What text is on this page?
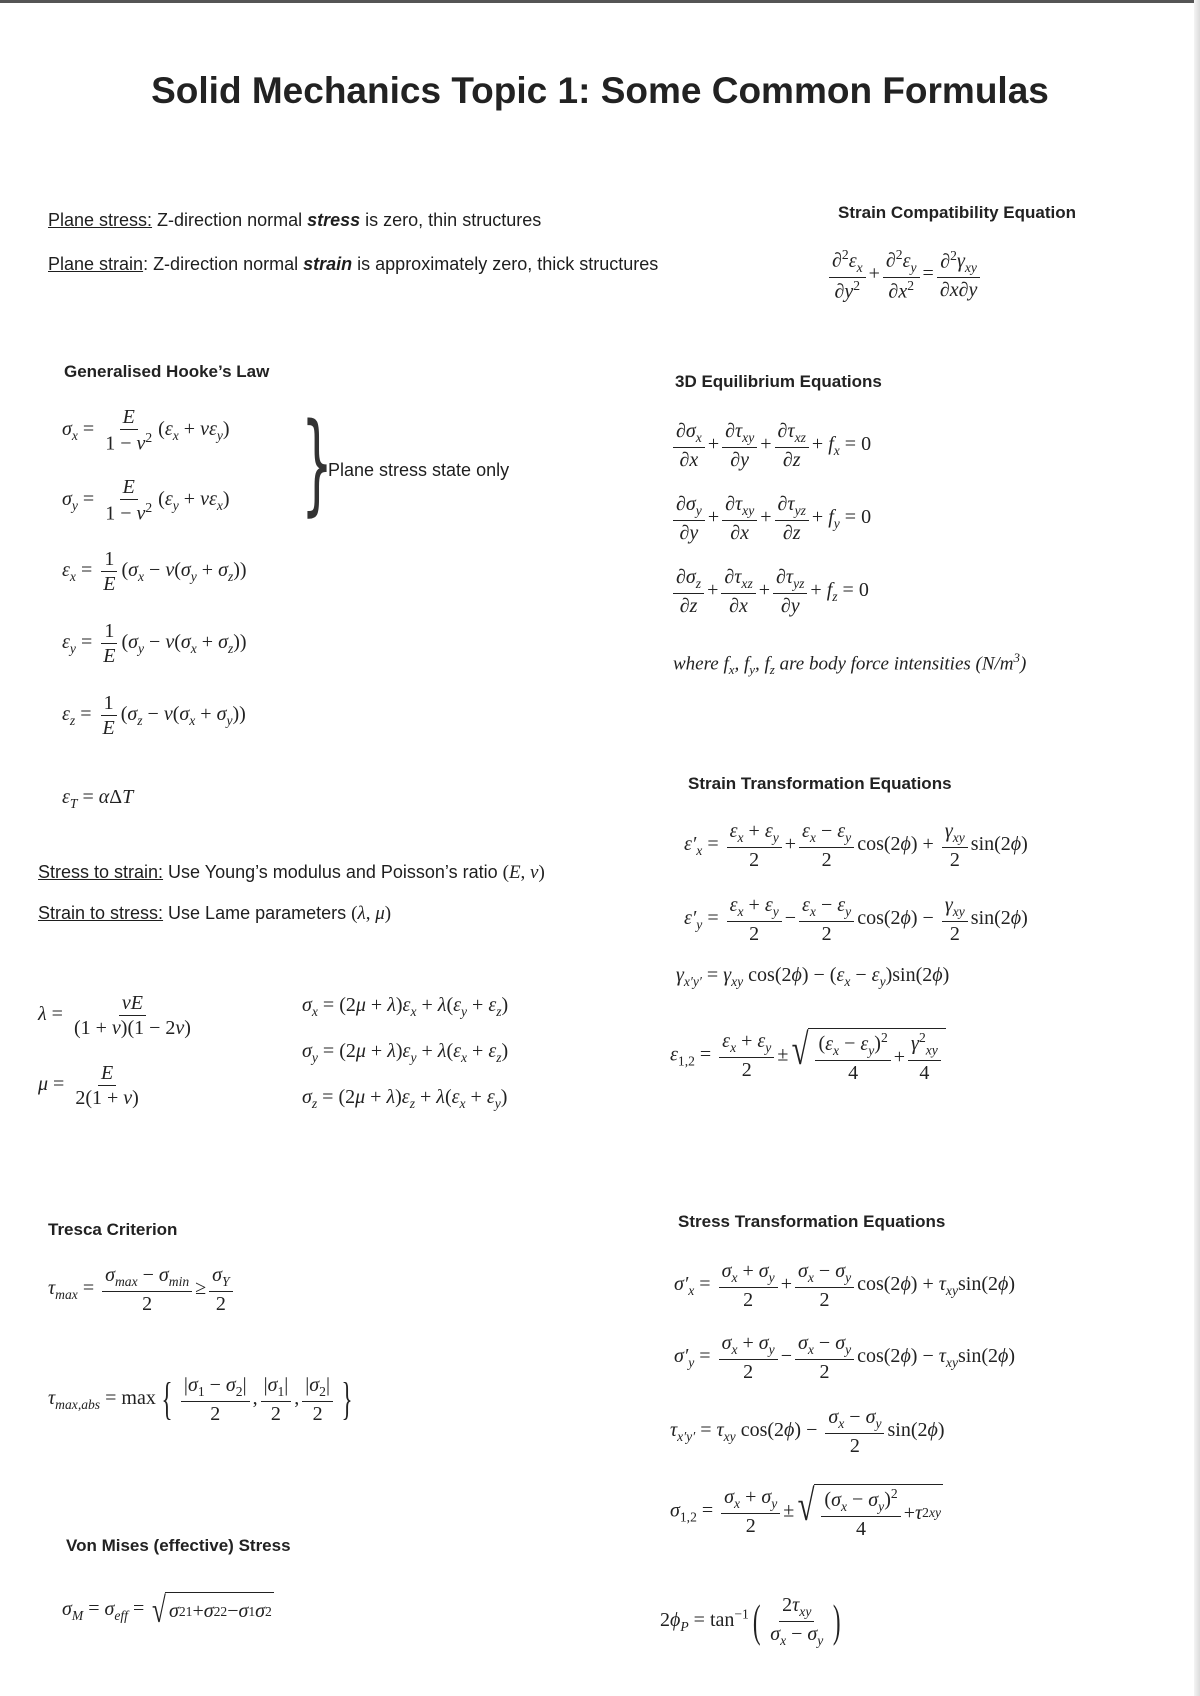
Solid Mechanics Topic 1: Some Common Formulas
Plane stress: Z-direction normal stress is zero, thin structures
Plane strain: Z-direction normal strain is approximately zero, thick structures
Strain Compatibility Equation
$\frac{\partial^2\varepsilon_x}{\partial y^2} + \frac{\partial^2\varepsilon_y}{\partial x^2}$ =
$\partial^2\gamma_{xy}$
∂x∂y
Generalised Hooke’s Law
$\sigma_x = \frac{E}{1 - \nu^2} (\varepsilon_x + \nu\varepsilon_y)$
$\sigma_y = \frac{E}{1 - \nu^2} (\varepsilon_y + \nu\varepsilon_x)$ }
Plane stress state only
$\varepsilon_x = \frac{1}{E} (\sigma_x - \nu(\sigma_y + \sigma_z))$
$\varepsilon_y = \frac{1}{E} (\sigma_y - \nu(\sigma_x + \sigma_z))$
$\varepsilon_z = \frac{1}{E} (\sigma_z - \nu(\sigma_x + \sigma_y))$
$\varepsilon_T = \alpha\Delta T$
Stress to strain: Use Young’s modulus and Poisson’s ratio (E, ν)
Strain to stress: Use Lame parameters (λ, μ)
$\lambda = \frac{\nu E}{(1 + \nu)(1 - 2\nu)}$
$\mu = \frac{E}{2(1 + \nu)}$
$\sigma_x = (2\mu + \lambda)\varepsilon_x + \lambda(\varepsilon_y + \varepsilon_z)$
$\sigma_y = (2\mu + \lambda)\varepsilon_y + \lambda(\varepsilon_x + \varepsilon_z)$
$\sigma_z = (2\mu + \lambda)\varepsilon_z + \lambda(\varepsilon_x + \varepsilon_y)$
3D Equilibrium Equations
$\frac{\partial\sigma_x}{\partial x}$ +
$\partial\tau_{xy}$
∂y
+
$\partial\tau_{xz}$
∂z
+ $f_x = 0$
$\frac{\partial\sigma_y}{\partial y}$ +
$\partial\tau_{xy}$
∂x
+
$\partial\tau_{yz}$
∂z
+ $f_y = 0$
$\frac{\partial\sigma_z}{\partial z}$ +
$\partial\tau_{xz}$
∂x
+
$\partial\tau_{yz}$
∂y
+ $f_z = 0$
where $f_x$, $f_y$, $f_z$ are body force intensities $(N/m^3)$
Strain Transformation Equations
$\varepsilon'_x = \frac{\varepsilon_x + \varepsilon_y}{2} + \frac{\varepsilon_x - \varepsilon_y}{2} \cos(2\phi)$ +
$\gamma_{xy}$
2
sin(2ϕ)
$\varepsilon'_y = \frac{\varepsilon_x + \varepsilon_y}{2} - \frac{\varepsilon_x - \varepsilon_y}{2} \cos(2\phi)$ −
$\gamma_{xy}$
2
sin(2ϕ)
$\gamma_{x'y'} = \gamma_{xy}$ $\cos(2\phi) - (\varepsilon_x - \varepsilon_y)\sin(2\phi)$
$\varepsilon_{1,2} = \frac{\varepsilon_x + \varepsilon_y}{2}$ ± √ $(\varepsilon_x - \varepsilon_y)^2$
4
+
$\gamma^2_{xy}$
4
Tresca Criterion
$\tau_{max}$ =
$\sigma_{max} - \sigma_{min}$
2
≥ $\frac{\sigma_Y}{2}$
$\tau_{max,abs} = \max$ { $\frac{|\sigma_1 - \sigma_2|}{2}$ , $\frac{|\sigma_1|}{2}$ , $\frac{|\sigma_2|}{2}$ }
Von Mises (effective) Stress
$\sigma_M = \sigma_{eff}$ = √ σ 2 1 + σ 2 2 − σ 1 σ 2
Stress Transformation Equations
$\sigma'_x = \frac{\sigma_x + \sigma_y}{2} + \frac{\sigma_x - \sigma_y}{2} \cos(2\phi) + \tau_{xy}\sin(2\phi)$
$\sigma'_y = \frac{\sigma_x + \sigma_y}{2} - \frac{\sigma_x - \sigma_y}{2} \cos(2\phi) - \tau_{xy}\sin(2\phi)$
$\tau_{x'y'} = \tau_{xy}$ $\cos(2\phi) - \frac{\sigma_x - \sigma_y}{2} \sin(2\phi)$
$\sigma_{1,2} = \frac{\sigma_x + \sigma_y}{2}$ ± √ $(\sigma_x - \sigma_y)^2$
4
+ τ 2 xy
$2\phi_P = \tan^{-1}$( $2\tau_{xy}$
$\sigma_x - \sigma_y$ )
